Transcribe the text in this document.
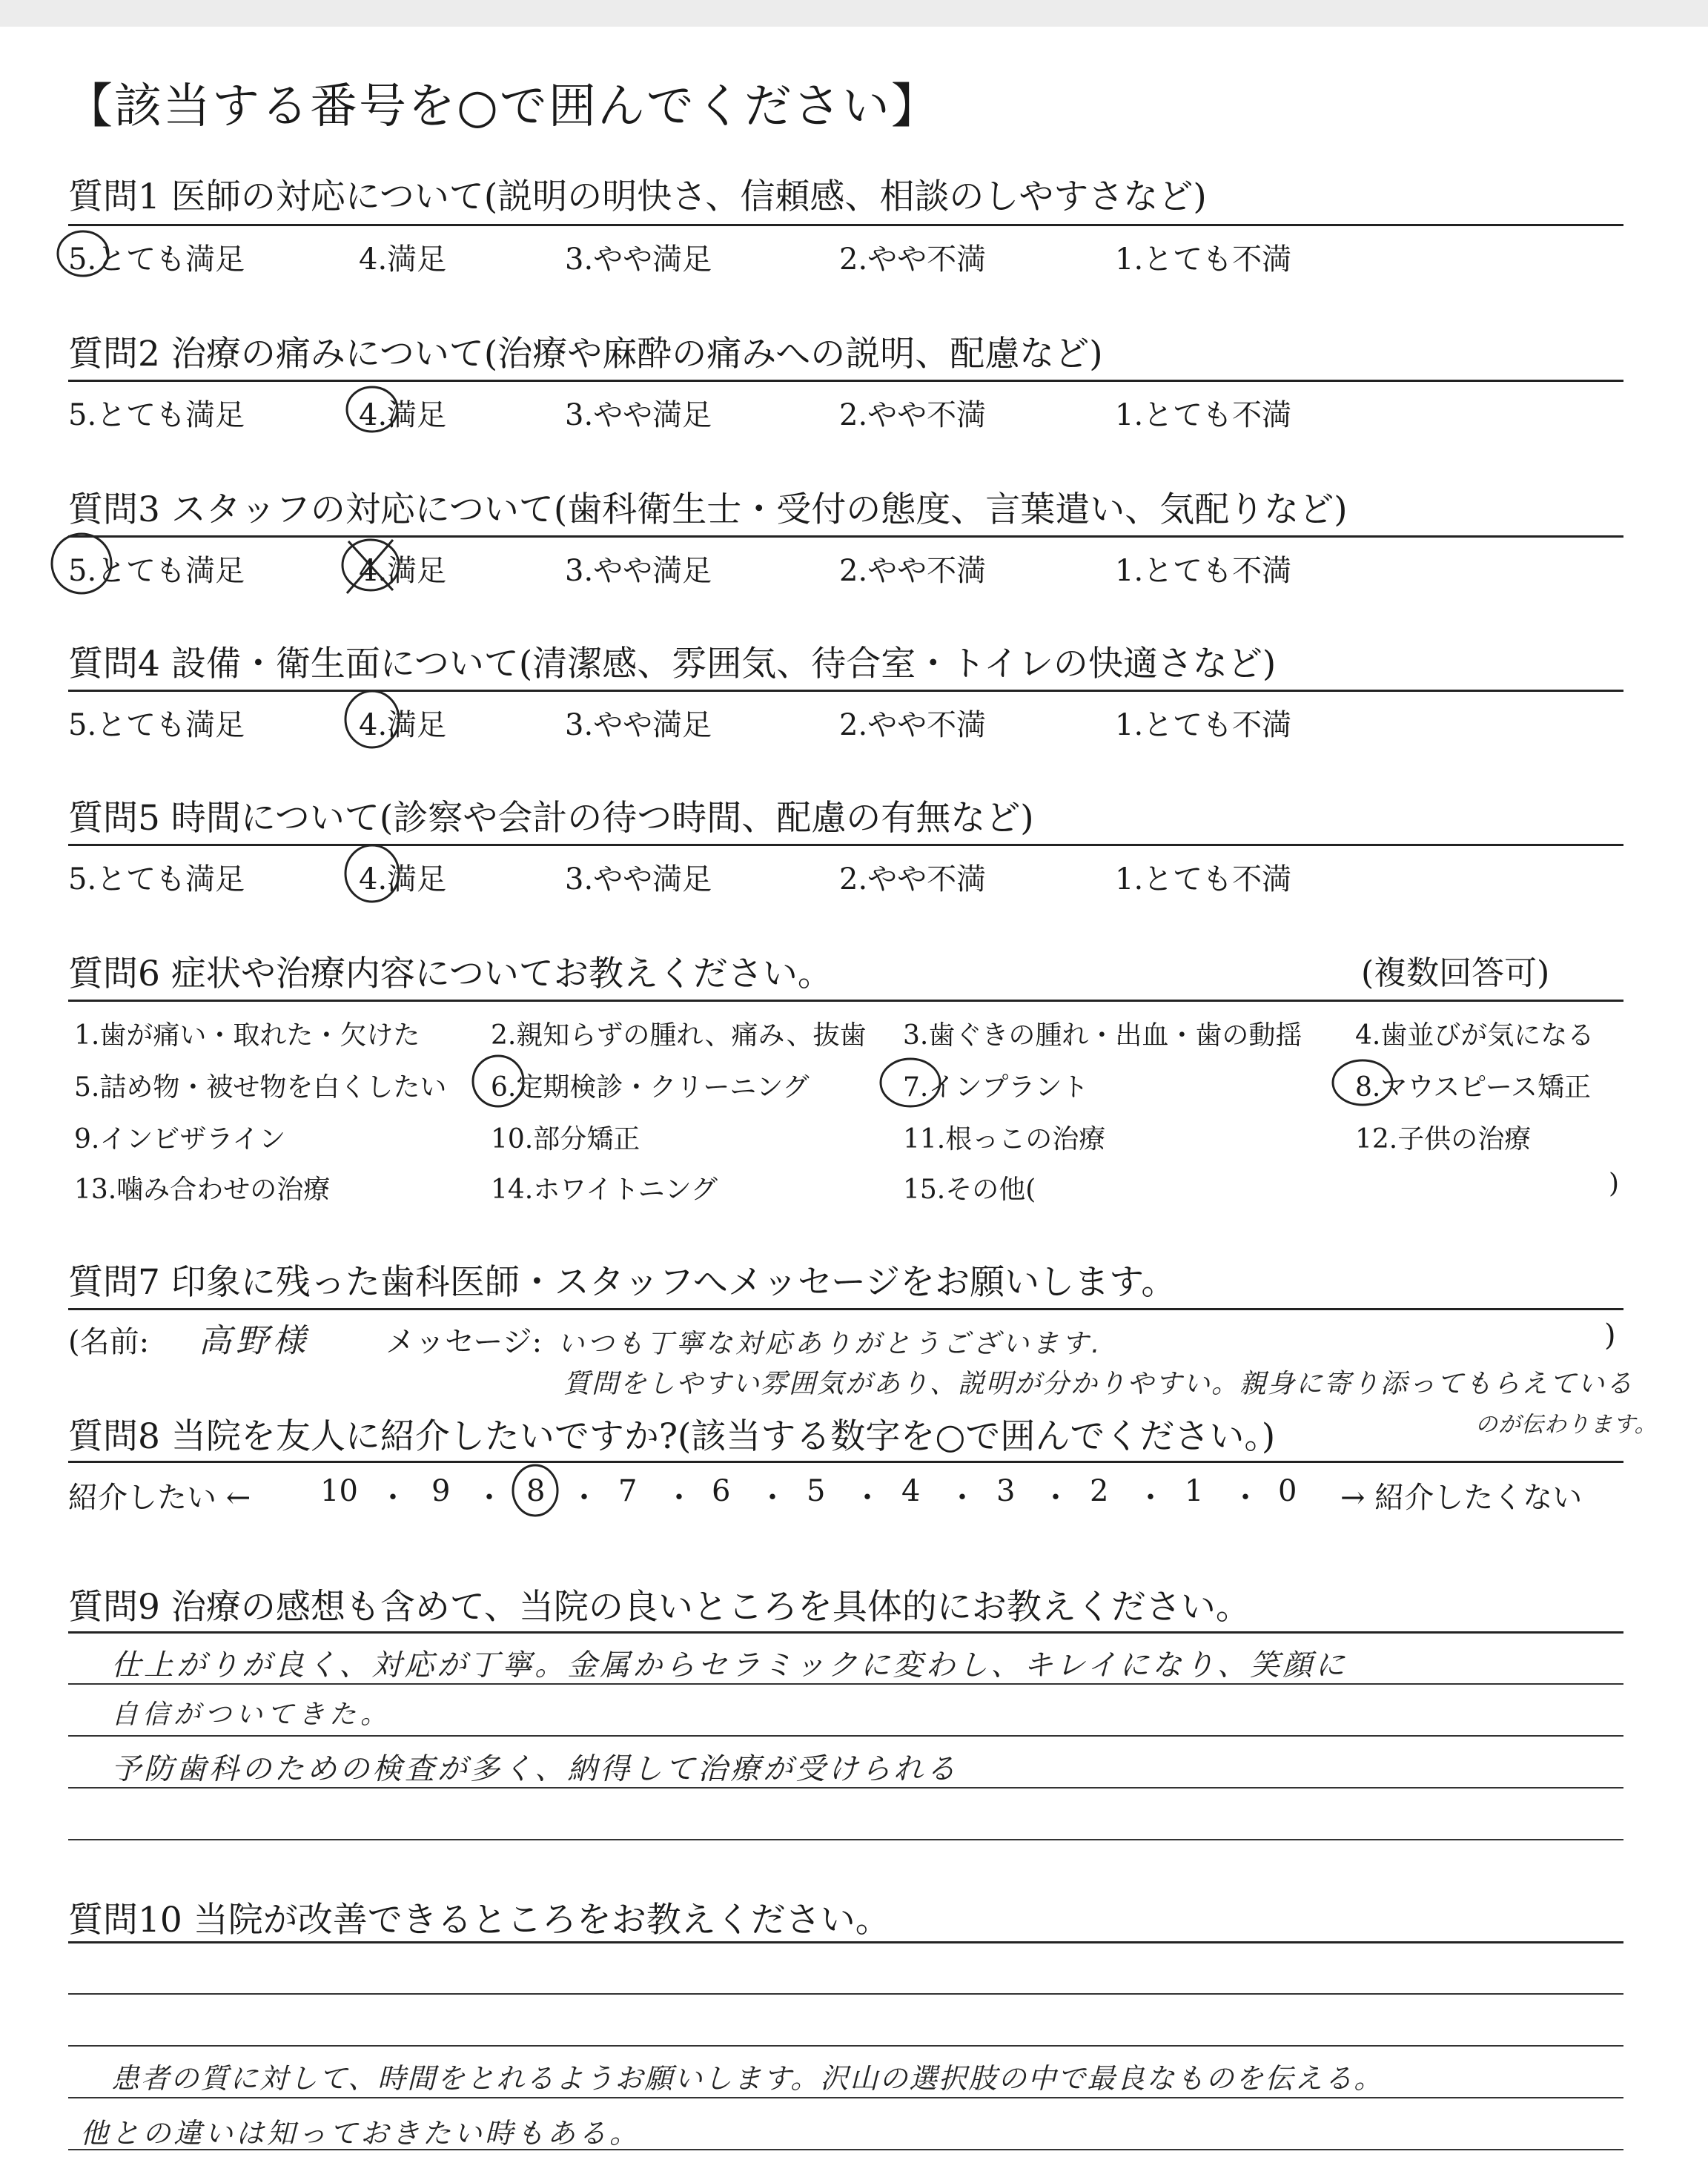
【該当する番号を○で囲んでください】
質問1 医師の対応について(説明の明快さ、信頼感、相談のしやすさなど)
5.とても満足	4.満足	3.やや満足	2.やや不満	1.とても不満
質問2 治療の痛みについて(治療や麻酔の痛みへの説明、配慮など)
5.とても満足	4.満足	3.やや満足	2.やや不満	1.とても不満
質問3 スタッフの対応について(歯科衛生士・受付の態度、言葉遣い、気配りなど)
5.とても満足	4.満足	3.やや満足	2.やや不満	1.とても不満
質問4 設備・衛生面について(清潔感、雰囲気、待合室・トイレの快適さなど)
5.とても満足	4.満足	3.やや満足	2.やや不満	1.とても不満
質問5 時間について(診察や会計の待つ時間、配慮の有無など)
5.とても満足	4.満足	3.やや満足	2.やや不満	1.とても不満
質問6 症状や治療内容についてお教えください。	(複数回答可)
1.歯が痛い・取れた・欠けた	2.親知らずの腫れ、痛み、抜歯 3.歯ぐきの腫れ・出血・歯の動揺 4.歯並びが気になる
5.詰め物・被せ物を白くしたい 6.定期検診・クリーニング	7.インプラント	8.マウスピース矯正
9.インビザライン	10.部分矯正	11.根っこの治療	12.子供の治療
13.噛み合わせの治療	14.ホワイトニング	15.その他(	)
質問7 印象に残った歯科医師・スタッフへメッセージをお願いします。
(名前: 高野様	メッセージ: いつも丁寧な対応ありがとうございます.	)
質問をしやすい雰囲気があり、説明が分かりやすい。親身に寄り添ってもらえている
質問8 当院を友人に紹介したいですか?(該当する数字を○で囲んでください。)	のが伝わります。
紹介したい ←	→ 紹介したくない
10 9	8 7	6	5	4	3	2	1	0
・ ・ ・ ・ ・ ・ ・ ・ ・ ・
質問9 治療の感想も含めて、当院の良いところを具体的にお教えください。
仕上がりが良く、対応が丁寧。金属からセラミックに変わし、キレイになり、笑顔に
自信がついてきた。
予防歯科のための検査が多く、納得して治療が受けられる
質問10 当院が改善できるところをお教えください。
患者の質に対して、時間をとれるようお願いします。沢山の選択肢の中で最良なものを伝える。
他との違いは知っておきたい時もある。
